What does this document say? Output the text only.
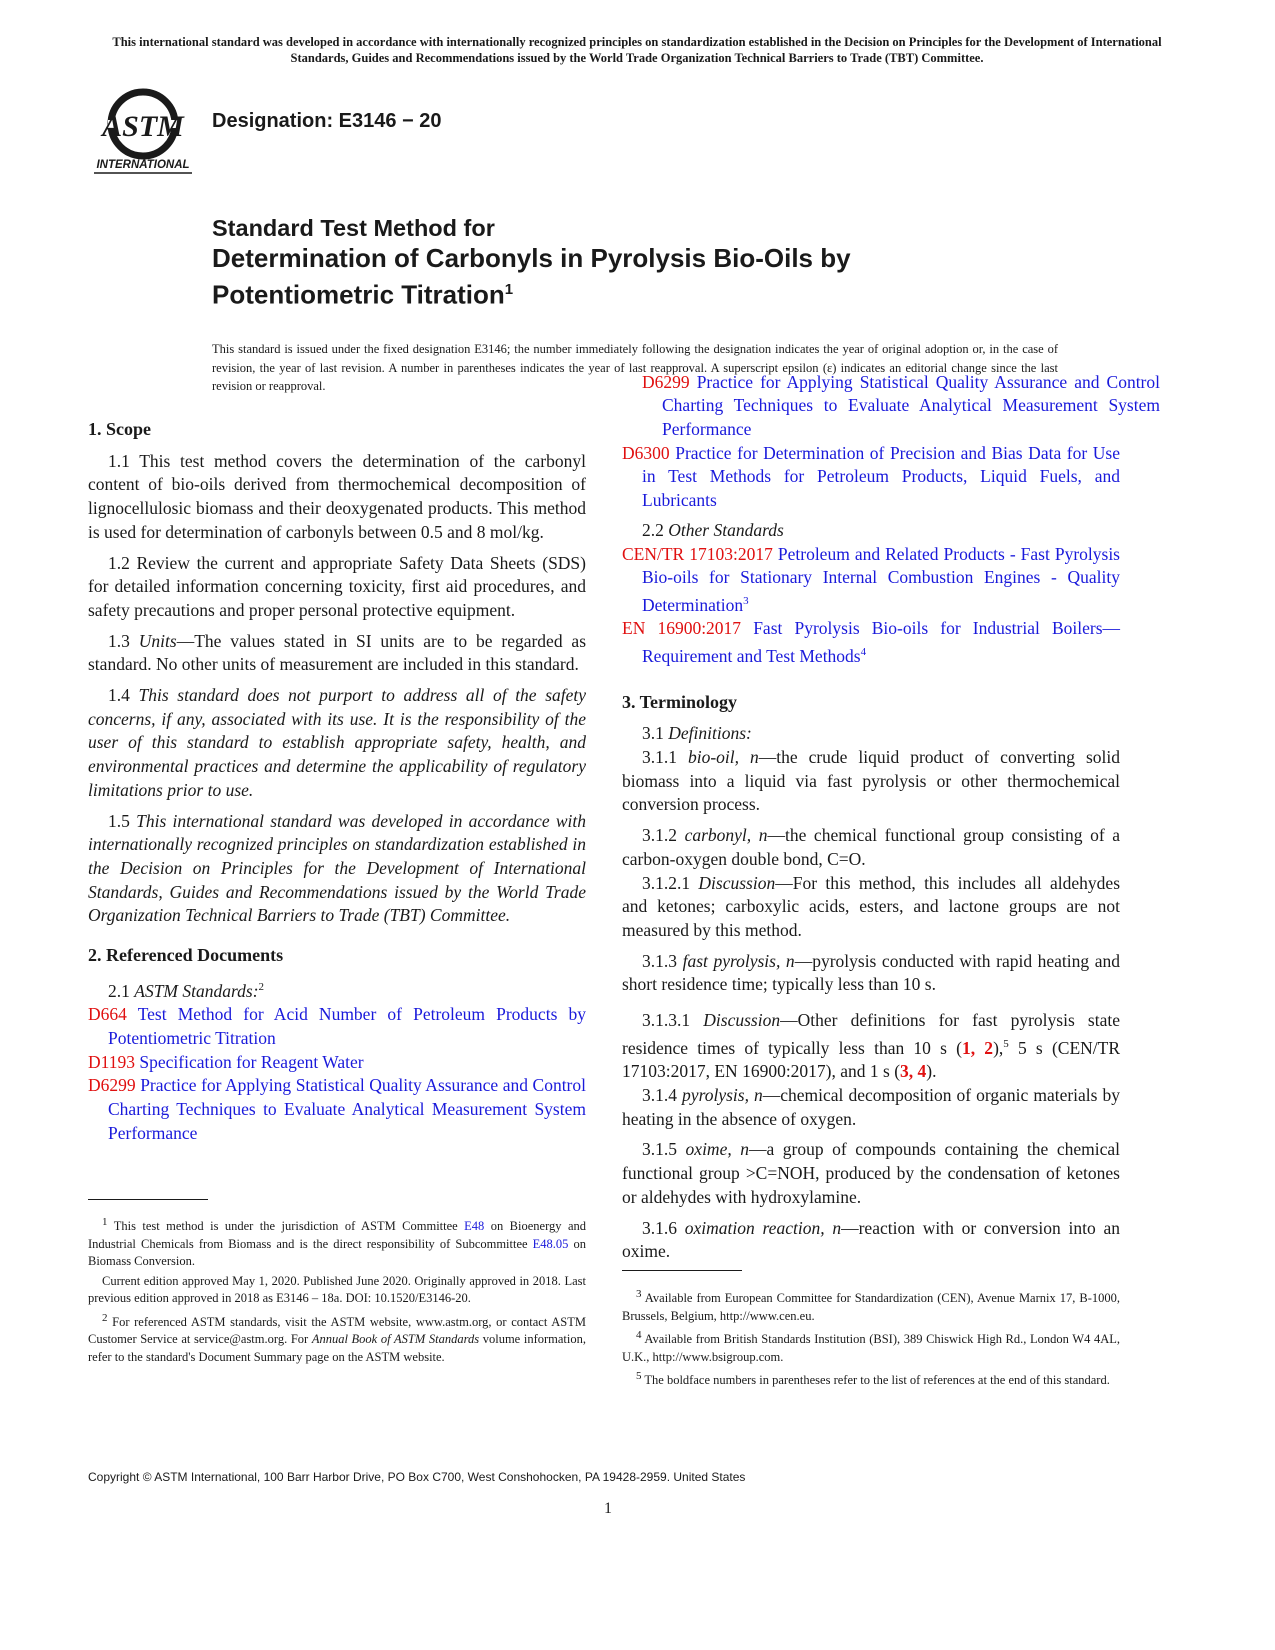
This international standard was developed in accordance with internationally recognized principles on standardization established in the Decision on Principles for the Development of International Standards, Guides and Recommendations issued by the World Trade Organization Technical Barriers to Trade (TBT) Committee.
ASTM
INTERNATIONAL
Designation: E3146 − 20
Standard Test Method for
Determination of Carbonyls in Pyrolysis Bio-Oils by
Potentiometric Titration$^1$
This standard is issued under the fixed designation E3146; the number immediately following the designation indicates the year of original adoption or, in the case of revision, the year of last revision. A number in parentheses indicates the year of last reapproval. A superscript epsilon (ε) indicates an editorial change since the last revision or reapproval.
1. Scope

1.1 This test method covers the determination of the carbonyl content of bio-oils derived from thermochemical decomposition of lignocellulosic biomass and their deoxygenated products. This method is used for determination of carbonyls between 0.5 and 8 mol/kg.

1.2 Review the current and appropriate Safety Data Sheets (SDS) for detailed information concerning toxicity, first aid procedures, and safety precautions and proper personal protective equipment.

1.3 Units—The values stated in SI units are to be regarded as standard. No other units of measurement are included in this standard.

1.4 This standard does not purport to address all of the safety concerns, if any, associated with its use. It is the responsibility of the user of this standard to establish appropriate safety, health, and environmental practices and determine the applicability of regulatory limitations prior to use.

1.5 This international standard was developed in accordance with internationally recognized principles on standardization established in the Decision on Principles for the Development of International Standards, Guides and Recommendations issued by the World Trade Organization Technical Barriers to Trade (TBT) Committee.

2. Referenced Documents

2.1 ASTM Standards:$^2$

D664 Test Method for Acid Number of Petroleum Products by Potentiometric Titration
D1193 Specification for Reagent Water
D6299 Practice for Applying Statistical Quality Assurance and Control Charting Techniques to Evaluate Analytical Measurement System Performance
D6299 Practice for Applying Statistical Quality Assurance and Control Charting Techniques to Evaluate Analytical Measurement System Performance
D6300 Practice for Determination of Precision and Bias Data for Use in Test Methods for Petroleum Products, Liquid Fuels, and Lubricants

2.2 Other Standards

CEN/TR 17103:2017 Petroleum and Related Products - Fast Pyrolysis Bio-oils for Stationary Internal Combustion Engines - Quality Determination$^3$
EN 16900:2017 Fast Pyrolysis Bio-oils for Industrial Boilers—Requirement and Test Methods$^4$
3. Terminology

3.1 Definitions:

3.1.1 bio-oil, n—the crude liquid product of converting solid biomass into a liquid via fast pyrolysis or other thermochemical conversion process.

3.1.2 carbonyl, n—the chemical functional group consisting of a carbon-oxygen double bond, C=O.

3.1.2.1 Discussion—For this method, this includes all aldehydes and ketones; carboxylic acids, esters, and lactone groups are not measured by this method.

3.1.3 fast pyrolysis, n—pyrolysis conducted with rapid heating and short residence time; typically less than 10 s.

3.1.3.1 Discussion—Other definitions for fast pyrolysis state residence times of typically less than 10 s (1, 2),$^5$ 5 s (CEN/TR 17103:2017, EN 16900:2017), and 1 s (3, 4).

3.1.4 pyrolysis, n—chemical decomposition of organic materials by heating in the absence of oxygen.

3.1.5 oxime, n—a group of compounds containing the chemical functional group >C=NOH, produced by the condensation of ketones or aldehydes with hydroxylamine.

3.1.6 oximation reaction, n—reaction with or conversion into an oxime.

$^1$ This test method is under the jurisdiction of ASTM Committee E48 on Bioenergy and Industrial Chemicals from Biomass and is the direct responsibility of Subcommittee E48.05 on Biomass Conversion.

Current edition approved May 1, 2020. Published June 2020. Originally approved in 2018. Last previous edition approved in 2018 as E3146 – 18a. DOI: 10.1520/E3146-20.

$^2$ For referenced ASTM standards, visit the ASTM website, www.astm.org, or contact ASTM Customer Service at service@astm.org. For Annual Book of ASTM Standards volume information, refer to the standard's Document Summary page on the ASTM website.

$^3$ Available from European Committee for Standardization (CEN), Avenue Marnix 17, B-1000, Brussels, Belgium, http://www.cen.eu.

$^4$ Available from British Standards Institution (BSI), 389 Chiswick High Rd., London W4 4AL, U.K., http://www.bsigroup.com.

$^5$ The boldface numbers in parentheses refer to the list of references at the end of this standard.

Copyright © ASTM International, 100 Barr Harbor Drive, PO Box C700, West Conshohocken, PA 19428-2959. United States
1
